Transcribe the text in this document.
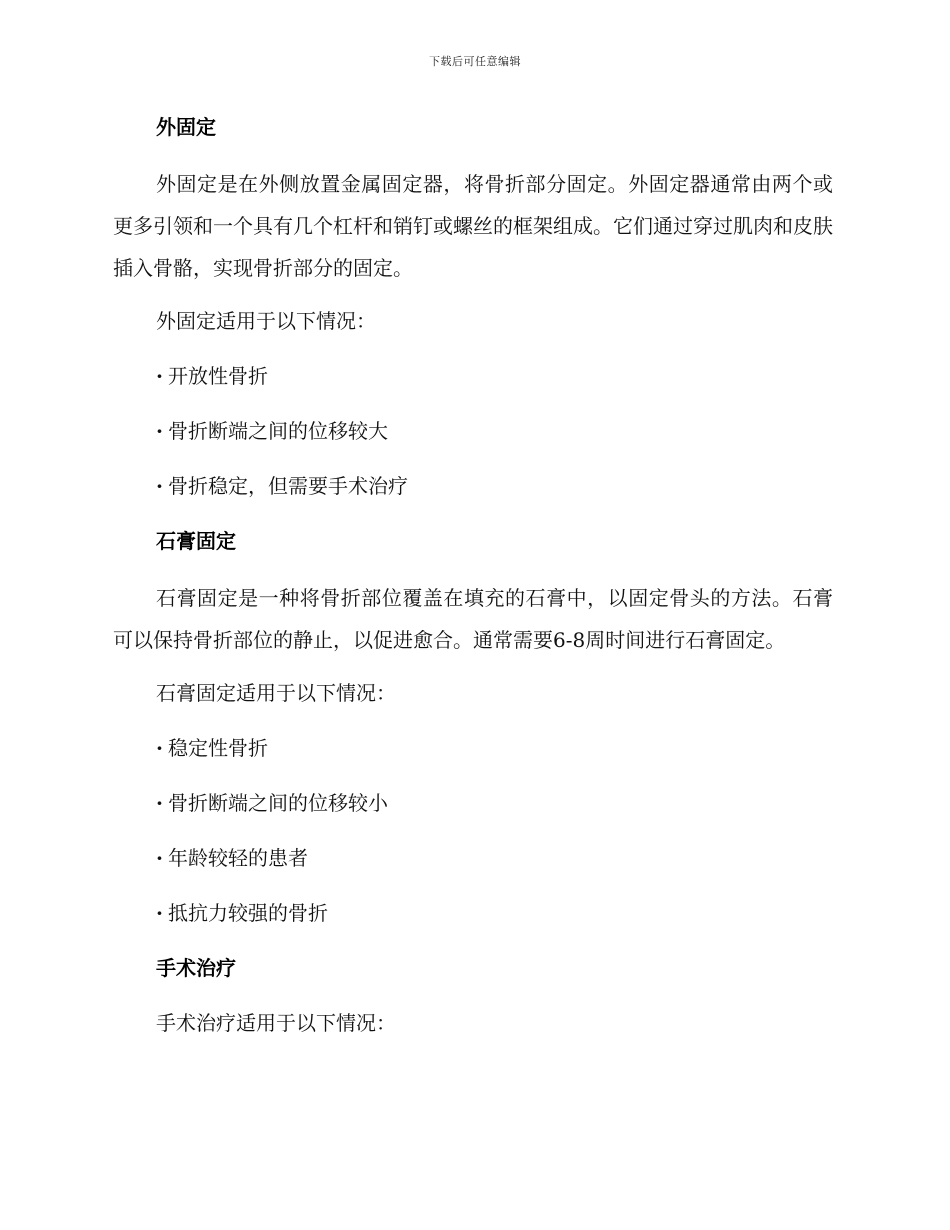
下载后可任意编辑
外固定

外固定是在外侧放置金属固定器，将骨折部分固定。外固定器通常由两个或更多引领和一个具有几个杠杆和销钉或螺丝的框架组成。它们通过穿过肌肉和皮肤插入骨骼，实现骨折部分的固定。

外固定适用于以下情况：
· 开放性骨折
· 骨折断端之间的位移较大
· 骨折稳定，但需要手术治疗
石膏固定

石膏固定是一种将骨折部位覆盖在填充的石膏中，以固定骨头的方法。石膏可以保持骨折部位的静止，以促进愈合。通常需要6-8周时间进行石膏固定。

石膏固定适用于以下情况：
· 稳定性骨折
· 骨折断端之间的位移较小
· 年龄较轻的患者
· 抵抗力较强的骨折
手术治疗
手术治疗适用于以下情况：
